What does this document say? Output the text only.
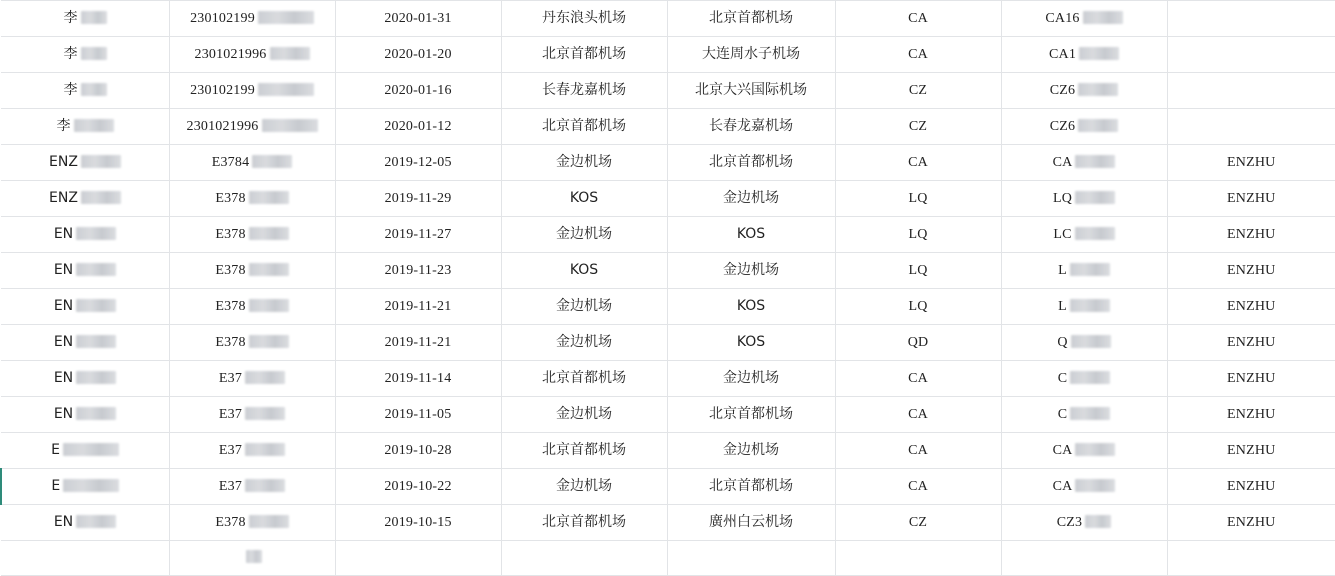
李	230102199	2020-01-31	丹东浪头机场	北京首都机场	CA	CA16	
李	2301021996	2020-01-20	北京首都机场	大连周水子机场	CA	CA1	
李	230102199	2020-01-16	长春龙嘉机场	北京大兴国际机场	CZ	CZ6	
李	2301021996	2020-01-12	北京首都机场	长春龙嘉机场	CZ	CZ6	
ENZ	E3784	2019-12-05	金边机场	北京首都机场	CA	CA	ENZHU
ENZ	E378	2019-11-29	KOS	金边机场	LQ	LQ	ENZHU
EN	E378	2019-11-27	金边机场	KOS	LQ	LC	ENZHU
EN	E378	2019-11-23	KOS	金边机场	LQ	L	ENZHU
EN	E378	2019-11-21	金边机场	KOS	LQ	L	ENZHU
EN	E378	2019-11-21	金边机场	KOS	QD	Q	ENZHU
EN	E37	2019-11-14	北京首都机场	金边机场	CA	C	ENZHU
EN	E37	2019-11-05	金边机场	北京首都机场	CA	C	ENZHU
E	E37	2019-10-28	北京首都机场	金边机场	CA	CA	ENZHU
E	E37	2019-10-22	金边机场	北京首都机场	CA	CA	ENZHU
EN	E378	2019-10-15	北京首都机场	廣州白云机场	CZ	CZ3	ENZHU
